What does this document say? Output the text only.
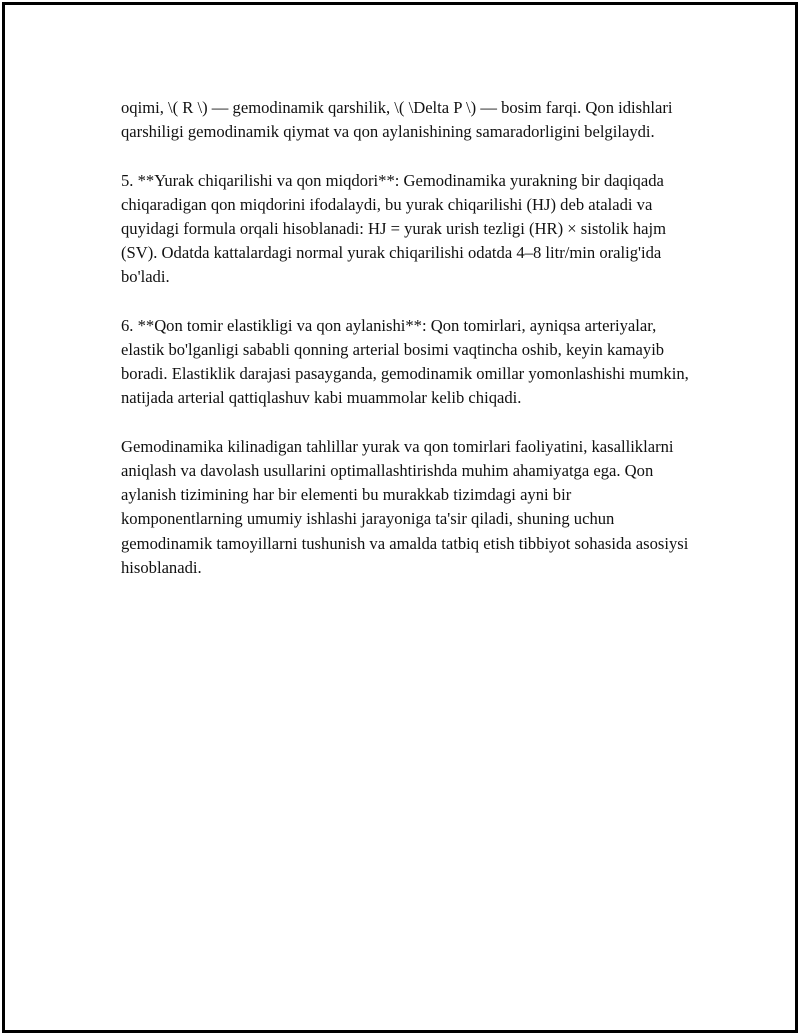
oqimi, \( R \) — gemodinamik qarshilik, \( \Delta P \) — bosim farqi. Qon idishlari qarshiligi gemodinamik qiymat va qon aylanishining samaradorligini belgilaydi.

5. **Yurak chiqarilishi va qon miqdori**: Gemodinamika yurakning bir daqiqada chiqaradigan qon miqdorini ifodalaydi, bu yurak chiqarilishi (HJ) deb ataladi va quyidagi formula orqali hisoblanadi: HJ = yurak urish tezligi (HR) × sistolik hajm (SV). Odatda kattalardagi normal yurak chiqarilishi odatda 4–8 litr/min oralig'ida bo'ladi.

6. **Qon tomir elastikligi va qon aylanishi**: Qon tomirlari, ayniqsa arteriyalar, elastik bo'lganligi sababli qonning arterial bosimi vaqtincha oshib, keyin kamayib boradi. Elastiklik darajasi pasayganda, gemodinamik omillar yomonlashishi mumkin, natijada arterial qattiqlashuv kabi muammolar kelib chiqadi.

Gemodinamika kilinadigan tahlillar yurak va qon tomirlari faoliyatini, kasalliklarni aniqlash va davolash usullarini optimallashtirishda muhim ahamiyatga ega. Qon aylanish tizimining har bir elementi bu murakkab tizimdagi ayni bir komponentlarning umumiy ishlashi jarayoniga ta'sir qiladi, shuning uchun gemodinamik tamoyillarni tushunish va amalda tatbiq etish tibbiyot sohasida asosiysi hisoblanadi.
